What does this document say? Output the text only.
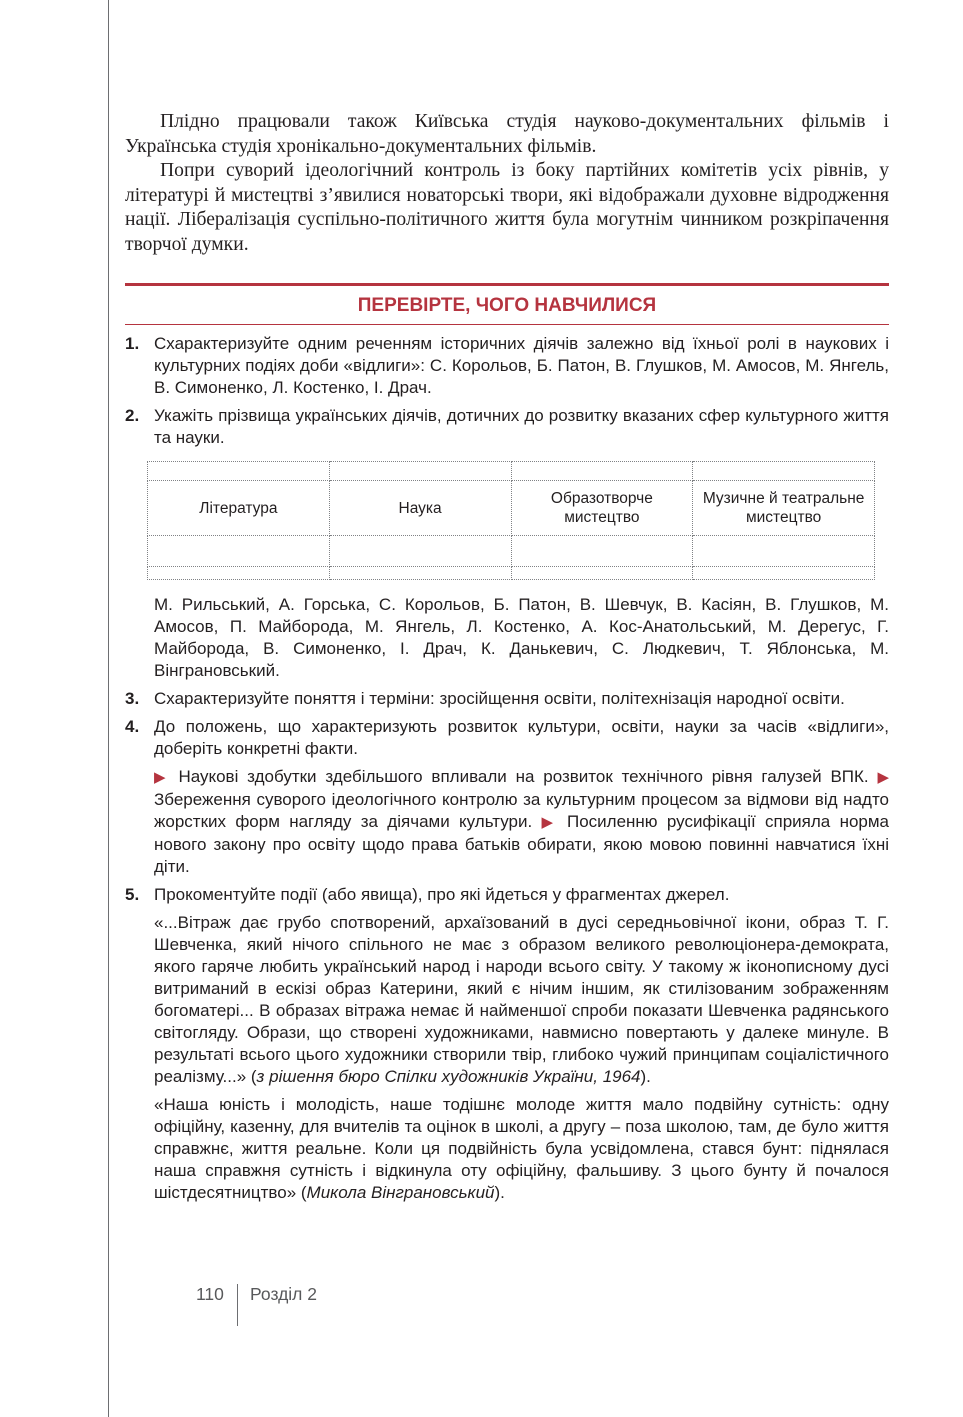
Плідно працювали також Київська студія науково-документальних фільмів і Українська студія хронікально-документальних фільмів.

Попри суворий ідеологічний контроль із боку партійних комітетів усіх рівнів, у літературі й мистецтві з’явилися новаторські твори, які відображали духовне відродження нації. Лібералізація суспільно-політичного життя була могутнім чинником розкріпачення творчої думки.

ПЕРЕВІРТЕ, ЧОГО НАВЧИЛИСЯ
1. Схарактеризуйте одним реченням історичних діячів залежно від їхньої ролі в наукових і культурних подіях доби «відлиги»: С. Корольов, Б. Патон, В. Глушков, М. Амосов, М. Янгель, В. Симоненко, Л. Костенко, І. Драч.
2. Укажіть прізвища українських діячів, дотичних до розвитку вказаних сфер культурного життя та науки.

Література	Наука	Образотворче мистецтво	Музичне й театральне мистецтво

М. Рильський, А. Горська, С. Корольов, Б. Патон, В. Шевчук, В. Касіян, В. Глушков, М. Амосов, П. Майборода, М. Янгель, Л. Костенко, А. Кос-Анатольський, М. Дерегус, Г. Майборода, В. Симоненко, І. Драч, К. Данькевич, С. Людкевич, Т. Яблонська, М. Вінграновський.
3. Схарактеризуйте поняття і терміни: зросійщення освіти, політехнізація народної освіти.
4. До положень, що характеризують розвиток культури, освіти, науки за часів «відлиги», доберіть конкретні факти.
▶ Наукові здобутки здебільшого впливали на розвиток технічного рівня галузей ВПК. ▶ Збереження суворого ідеологічного контролю за культурним процесом за відмови від надто жорстких форм нагляду за діячами культури. ▶ Посиленню русифікації сприяла норма нового закону про освіту щодо права батьків обирати, якою мовою повинні навчатися їхні діти.
5. Прокоментуйте події (або явища), про які йдеться у фрагментах джерел.
«...Вітраж дає грубо спотворений, архаїзований в дусі середньовічної ікони, образ Т. Г. Шевченка, який нічого спільного не має з образом великого революціонера-демократа, якого гаряче любить український народ і народи всього світу. У такому ж іконописному дусі витриманий в ескізі образ Катерини, який є нічим іншим, як стилізованим зображенням богоматері... В образах вітража немає й найменшої спроби показати Шевченка радянського світогляду. Образи, що створені художниками, навмисно повертають у далеке минуле. В результаті всього цього художники створили твір, глибоко чужий принципам соціалістичного реалізму...» (з рішення бюро Спілки художників України, 1964).
«Наша юність і молодість, наше тодішнє молоде життя мало подвійну сутність: одну офіційну, казенну, для вчителів та оцінок в школі, а другу – поза школою, там, де було життя справжнє, життя реальне. Коли ця подвійність була усвідомлена, стався бунт: піднялася наша справжня сутність і відкинула оту офіційну, фальшиву. З цього бунту й почалося шістдесятництво» (Микола Вінграновський).
110 Розділ 2
